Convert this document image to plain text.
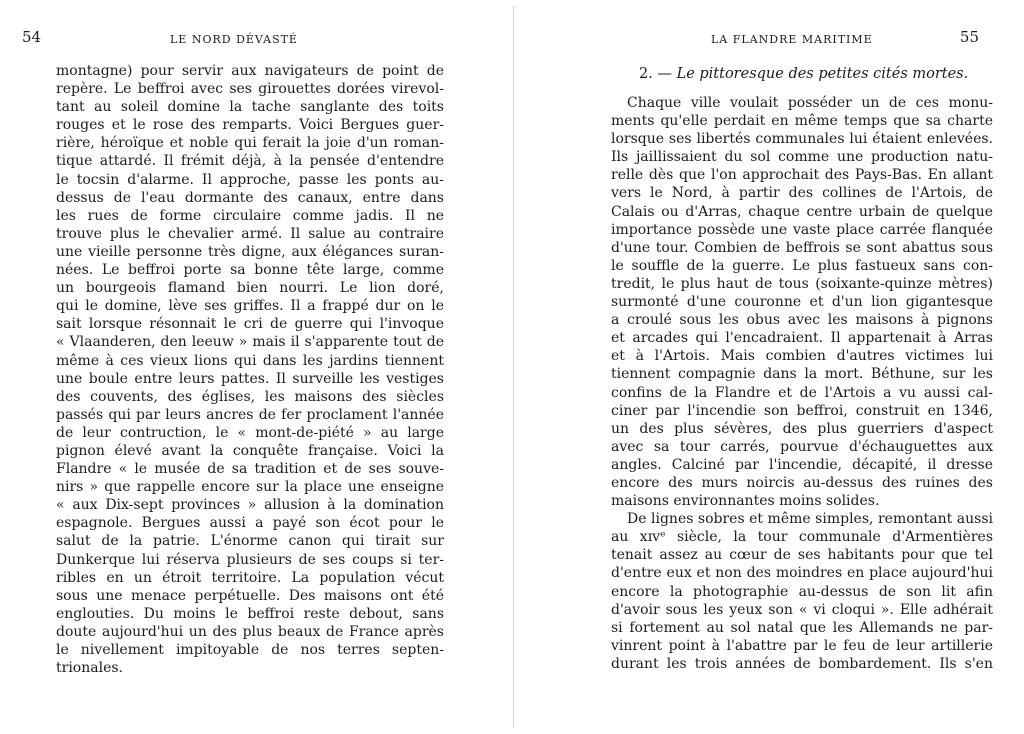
54	LE NORD DÉVASTÉ
montagne) pour servir aux navigateurs de point de
repère. Le beffroi avec ses girouettes dorées virevol-
tant au soleil domine la tache sanglante des toits
rouges et le rose des remparts. Voici Bergues guer-
rière, héroïque et noble qui ferait la joie d'un roman-
tique attardé. Il frémit déjà, à la pensée d'entendre
le tocsin d'alarme. Il approche, passe les ponts au-
dessus de l'eau dormante des canaux, entre dans
les rues de forme circulaire comme jadis. Il ne
trouve plus le chevalier armé. Il salue au contraire
une vieille personne très digne, aux élégances suran-
nées. Le beffroi porte sa bonne tête large, comme
un bourgeois flamand bien nourri. Le lion doré,
qui le domine, lève ses griffes. Il a frappé dur on le
sait lorsque résonnait le cri de guerre qui l'invoque
« Vlaanderen, den leeuw » mais il s'apparente tout de
même à ces vieux lions qui dans les jardins tiennent
une boule entre leurs pattes. Il surveille les vestiges
des couvents, des églises, les maisons des siècles
passés qui par leurs ancres de fer proclament l'année
de leur contruction, le « mont-de-piété » au large
pignon élevé avant la conquête française. Voici la
Flandre « le musée de sa tradition et de ses souve-
nirs » que rappelle encore sur la place une enseigne
« aux Dix-sept provinces » allusion à la domination
espagnole. Bergues aussi a payé son écot pour le
salut de la patrie. L'énorme canon qui tirait sur
Dunkerque lui réserva plusieurs de ses coups si ter-
ribles en un étroit territoire. La population vécut
sous une menace perpétuelle. Des maisons ont été
englouties. Du moins le beffroi reste debout, sans
doute aujourd'hui un des plus beaux de France après
le nivellement impitoyable de nos terres septen-
trionales.
LA FLANDRE MARITIME	55
2. — Le pittoresque des petites cités mortes.
Chaque ville voulait posséder un de ces monu-
ments qu'elle perdait en même temps que sa charte
lorsque ses libertés communales lui étaient enlevées.
Ils jaillissaient du sol comme une production natu-
relle dès que l'on approchait des Pays-Bas. En allant
vers le Nord, à partir des collines de l'Artois, de
Calais ou d'Arras, chaque centre urbain de quelque
importance possède une vaste place carrée flanquée
d'une tour. Combien de beffrois se sont abattus sous
le souffle de la guerre. Le plus fastueux sans con-
tredit, le plus haut de tous (soixante-quinze mètres)
surmonté d'une couronne et d'un lion gigantesque
a croulé sous les obus avec les maisons à pignons
et arcades qui l'encadraient. Il appartenait à Arras
et à l'Artois. Mais combien d'autres victimes lui
tiennent compagnie dans la mort. Béthune, sur les
confins de la Flandre et de l'Artois a vu aussi cal-
ciner par l'incendie son beffroi, construit en 1346,
un des plus sévères, des plus guerriers d'aspect
avec sa tour carrés, pourvue d'échauguettes aux
angles. Calciné par l'incendie, décapité, il dresse
encore des murs noircis au-dessus des ruines des
maisons environnantes moins solides.
De lignes sobres et même simples, remontant aussi
au xɪvᵉ siècle, la tour communale d'Armentières
tenait assez au cœur de ses habitants pour que tel
d'entre eux et non des moindres en place aujourd'hui
encore la photographie au-dessus de son lit afin
d'avoir sous les yeux son « vi cloqui ». Elle adhérait
si fortement au sol natal que les Allemands ne par-
vinrent point à l'abattre par le feu de leur artillerie
durant les trois années de bombardement. Ils s'en
